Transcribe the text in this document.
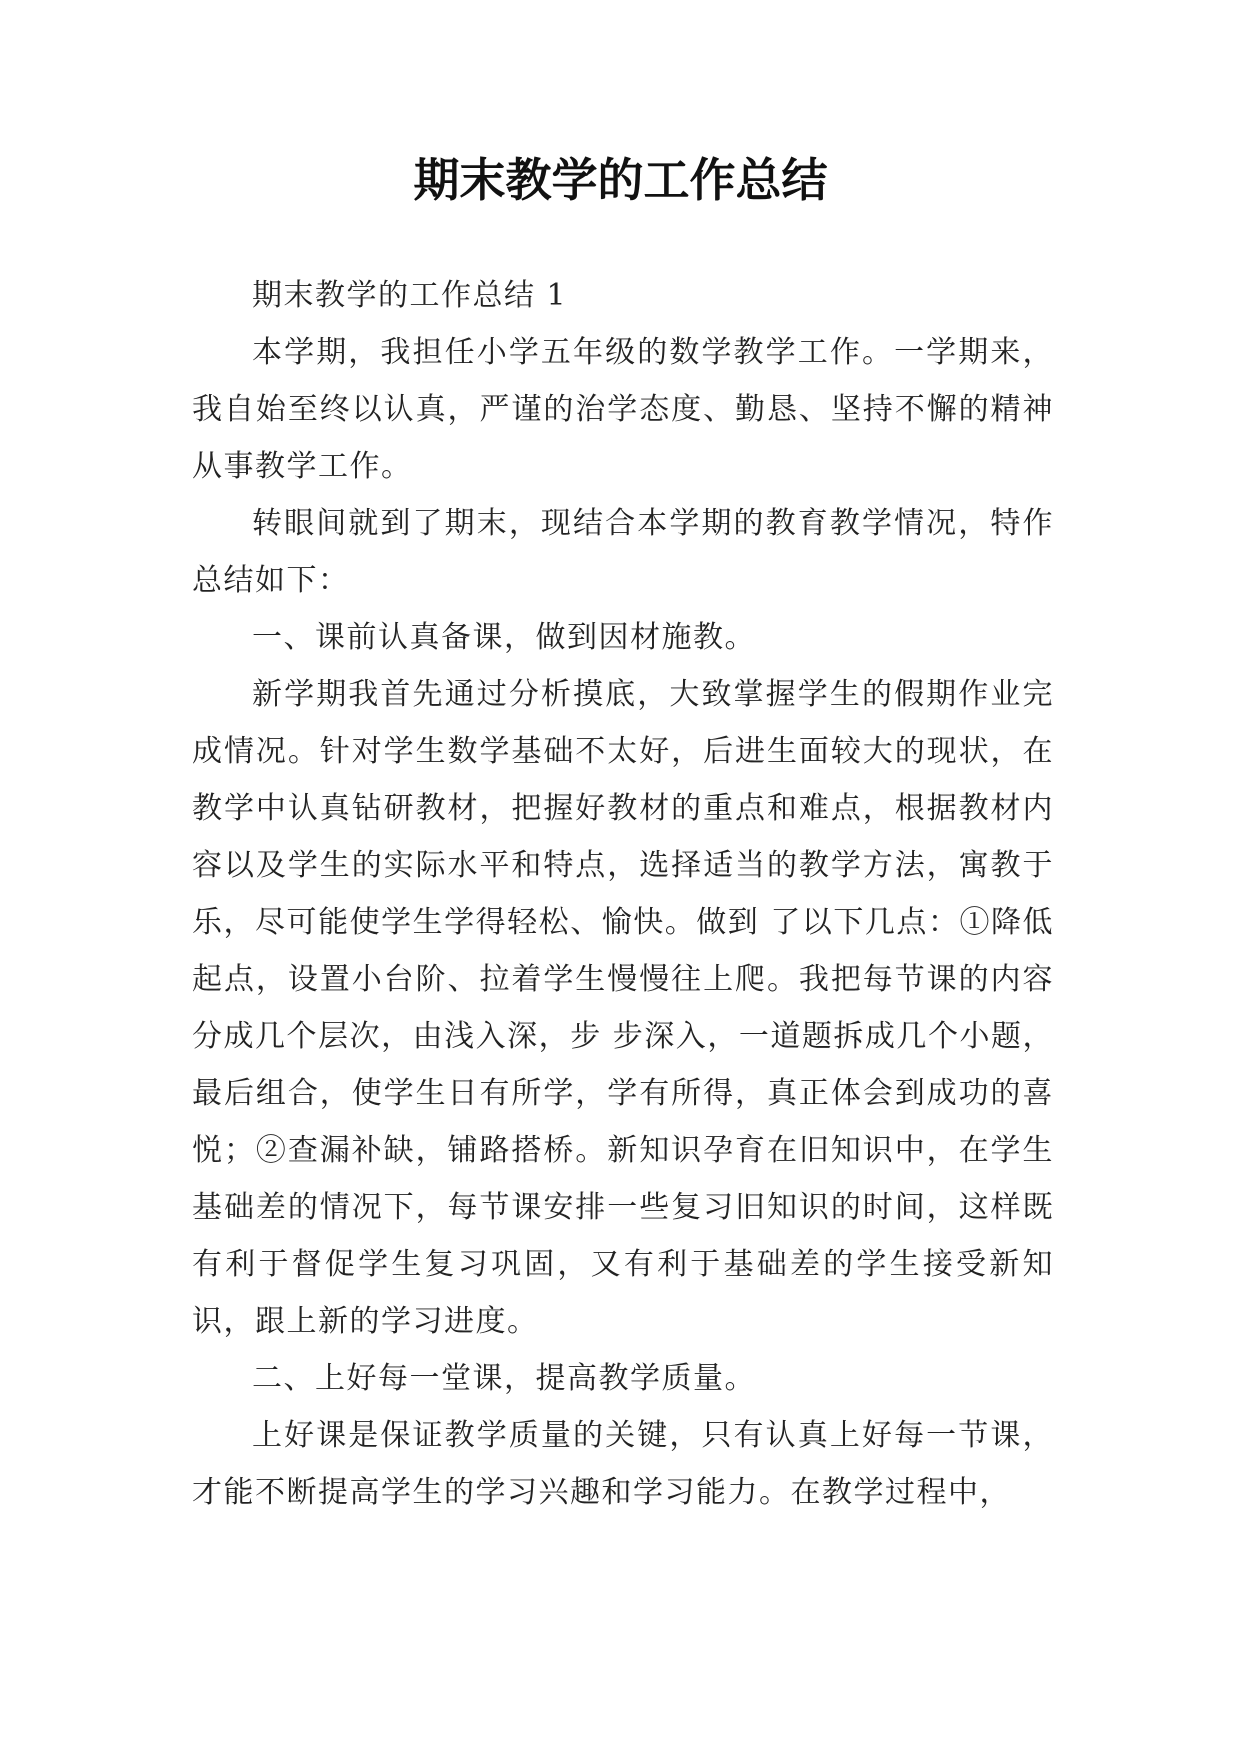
期末教学的工作总结

期末教学的工作总结 1

本学期，我担任小学五年级的数学教学工作。一学期来，我自始至终以认真，严谨的治学态度、勤恳、坚持不懈的精神从事教学工作。

转眼间就到了期末，现结合本学期的教育教学情况，特作总结如下：

一、课前认真备课，做到因材施教。

新学期我首先通过分析摸底，大致掌握学生的假期作业完成情况。针对学生数学基础不太好，后进生面较大的现状，在教学中认真钻研教材，把握好教材的重点和难点，根据教材内容以及学生的实际水平和特点，选择适当的教学方法，寓教于乐，尽可能使学生学得轻松、愉快。做到 了以下几点：①降低起点，设置小台阶、拉着学生慢慢往上爬。我把每节课的内容分成几个层次，由浅入深，步 步深入，一道题拆成几个小题，最后组合，使学生日有所学，学有所得，真正体会到成功的喜悦；②查漏补缺，铺路搭桥。新知识孕育在旧知识中，在学生基础差的情况下，每节课安排一些复习旧知识的时间，这样既有利于督促学生复习巩固，又有利于基础差的学生接受新知识，跟上新的学习进度。

二、上好每一堂课，提高教学质量。

上好课是保证教学质量的关键，只有认真上好每一节课，才能不断提高学生的学习兴趣和学习能力。在教学过程中，
